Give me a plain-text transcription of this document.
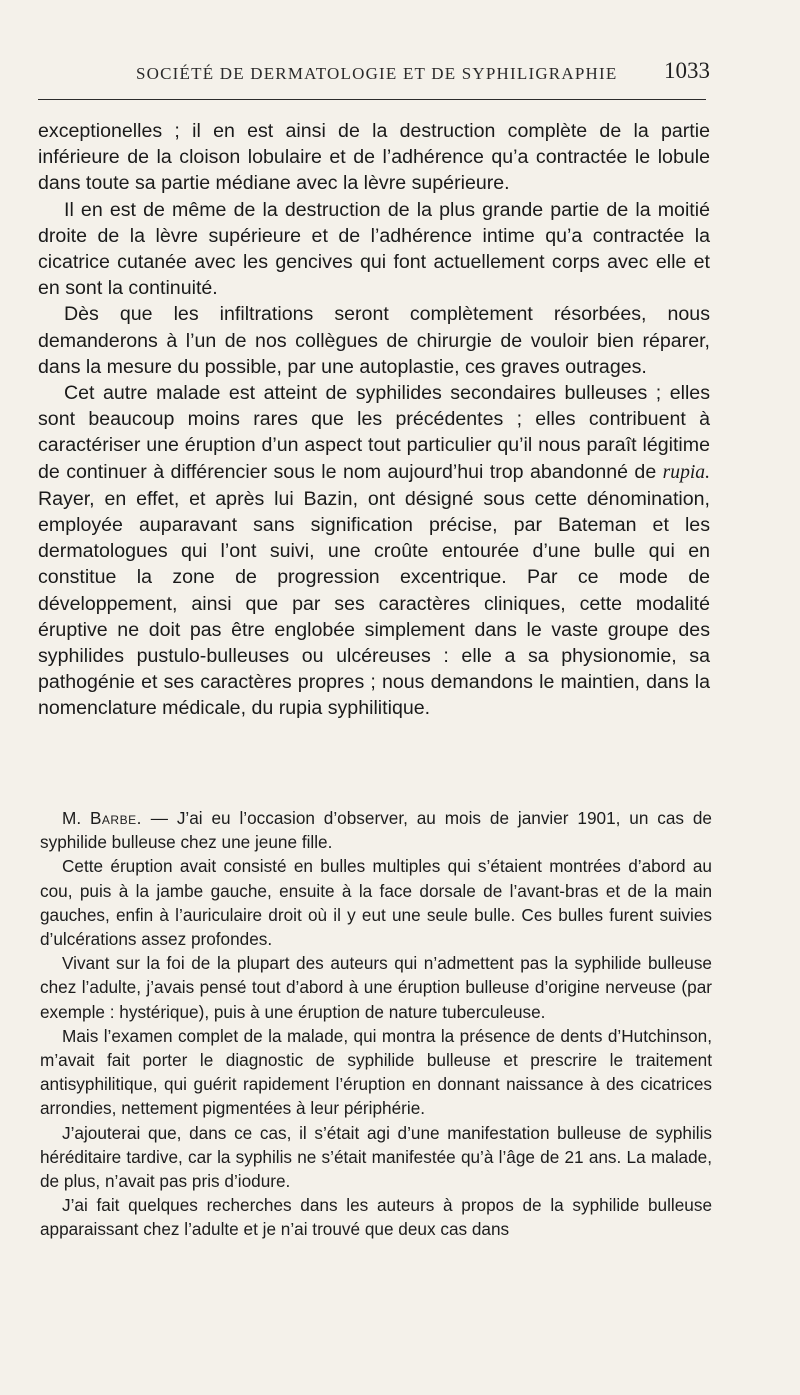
SOCIÉTÉ DE DERMATOLOGIE ET DE SYPHILIGRAPHIE 1033

exceptionelles ; il en est ainsi de la destruction complète de la partie inférieure de la cloison lobulaire et de l’adhérence qu’a contractée le lobule dans toute sa partie médiane avec la lèvre supérieure.

Il en est de même de la destruction de la plus grande partie de la moitié droite de la lèvre supérieure et de l’adhérence intime qu’a contractée la cicatrice cutanée avec les gencives qui font actuellement corps avec elle et en sont la continuité.

Dès que les infiltrations seront complètement résorbées, nous demanderons à l’un de nos collègues de chirurgie de vouloir bien réparer, dans la mesure du possible, par une autoplastie, ces graves outrages.

Cet autre malade est atteint de syphilides secondaires bulleuses ; elles sont beaucoup moins rares que les précédentes ; elles contribuent à caractériser une éruption d’un aspect tout particulier qu’il nous paraît légitime de continuer à différencier sous le nom aujourd’hui trop abandonné de rupia. Rayer, en effet, et après lui Bazin, ont désigné sous cette dénomination, employée auparavant sans signification précise, par Bateman et les dermatologues qui l’ont suivi, une croûte entourée d’une bulle qui en constitue la zone de progression excentrique. Par ce mode de développement, ainsi que par ses caractères cliniques, cette modalité éruptive ne doit pas être englobée simplement dans le vaste groupe des syphilides pustulo-bulleuses ou ulcéreuses : elle a sa physionomie, sa pathogénie et ses caractères propres ; nous demandons le maintien, dans la nomenclature médicale, du rupia syphilitique.

M. Barbe. — J’ai eu l’occasion d’observer, au mois de janvier 1901, un cas de syphilide bulleuse chez une jeune fille.

Cette éruption avait consisté en bulles multiples qui s’étaient montrées d’abord au cou, puis à la jambe gauche, ensuite à la face dorsale de l’avant-bras et de la main gauches, enfin à l’auriculaire droit où il y eut une seule bulle. Ces bulles furent suivies d’ulcérations assez profondes.

Vivant sur la foi de la plupart des auteurs qui n’admettent pas la syphilide bulleuse chez l’adulte, j’avais pensé tout d’abord à une éruption bulleuse d’origine nerveuse (par exemple : hystérique), puis à une éruption de nature tuberculeuse.

Mais l’examen complet de la malade, qui montra la présence de dents d’Hutchinson, m’avait fait porter le diagnostic de syphilide bulleuse et prescrire le traitement antisyphilitique, qui guérit rapidement l’éruption en donnant naissance à des cicatrices arrondies, nettement pigmentées à leur périphérie.

J’ajouterai que, dans ce cas, il s’était agi d’une manifestation bulleuse de syphilis héréditaire tardive, car la syphilis ne s’était manifestée qu’à l’âge de 21 ans. La malade, de plus, n’avait pas pris d’iodure.

J’ai fait quelques recherches dans les auteurs à propos de la syphilide bulleuse apparaissant chez l’adulte et je n’ai trouvé que deux cas dans
